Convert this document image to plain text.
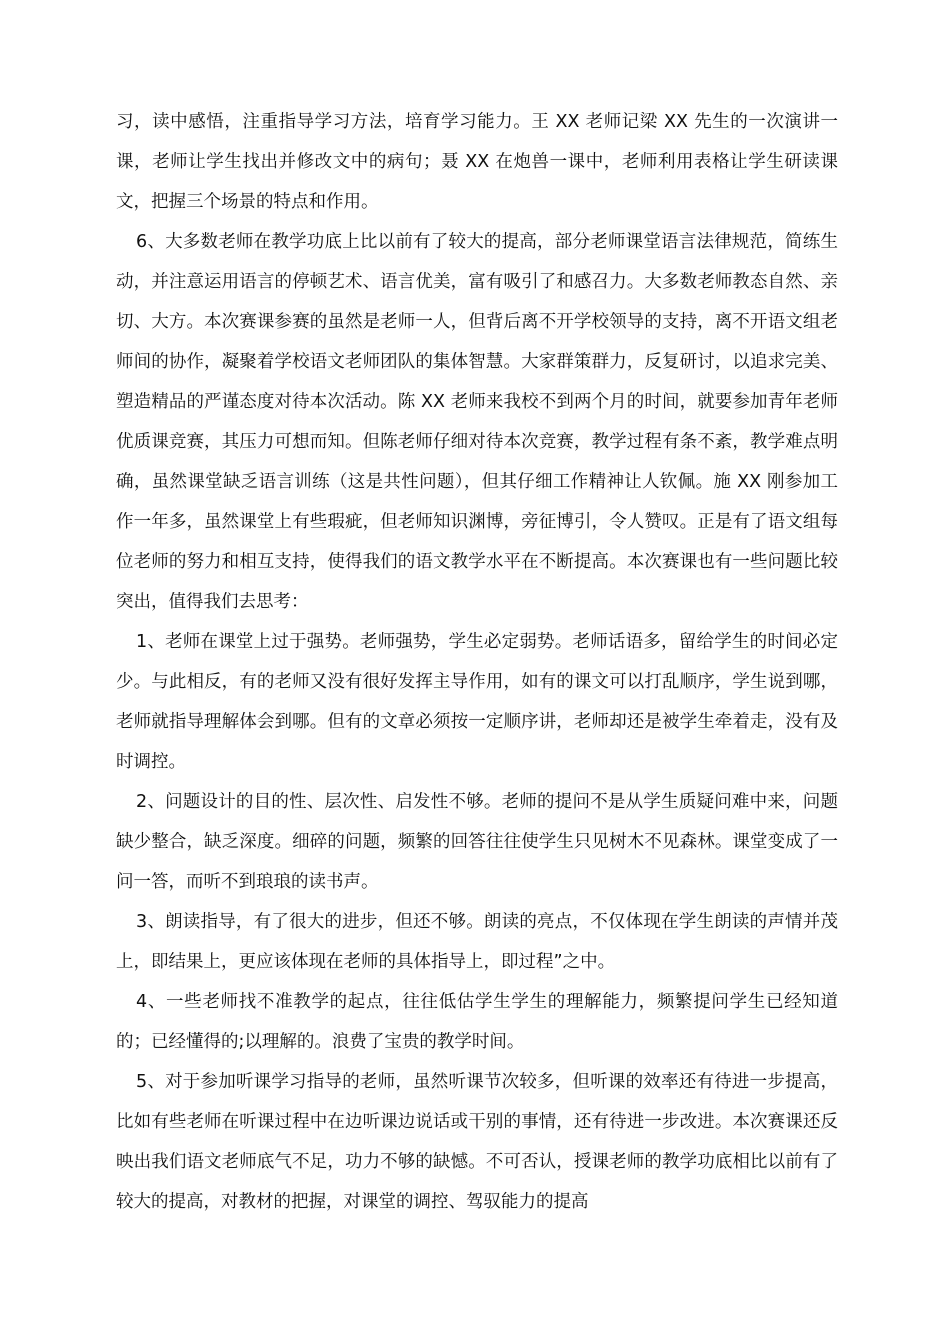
习，读中感悟，注重指导学习方法，培育学习能力。王 XX 老师记梁 XX 先生的一次演讲一课，老师让学生找出并修改文中的病句；聂 XX 在炮兽一课中，老师利用表格让学生研读课文，把握三个场景的特点和作用。

6、大多数老师在教学功底上比以前有了较大的提高，部分老师课堂语言法律规范，简练生动，并注意运用语言的停顿艺术、语言优美，富有吸引了和感召力。大多数老师教态自然、亲切、大方。本次赛课参赛的虽然是老师一人，但背后离不开学校领导的支持，离不开语文组老师间的协作，凝聚着学校语文老师团队的集体智慧。大家群策群力，反复研讨，以追求完美、塑造精品的严谨态度对待本次活动。陈 XX 老师来我校不到两个月的时间，就要参加青年老师优质课竞赛，其压力可想而知。但陈老师仔细对待本次竞赛，教学过程有条不紊，教学难点明确，虽然课堂缺乏语言训练（这是共性问题），但其仔细工作精神让人钦佩。施 XX 刚参加工作一年多，虽然课堂上有些瑕疵，但老师知识渊博，旁征博引，令人赞叹。正是有了语文组每位老师的努力和相互支持，使得我们的语文教学水平在不断提高。本次赛课也有一些问题比较突出，值得我们去思考：

1、老师在课堂上过于强势。老师强势，学生必定弱势。老师话语多，留给学生的时间必定少。与此相反，有的老师又没有很好发挥主导作用，如有的课文可以打乱顺序，学生说到哪，老师就指导理解体会到哪。但有的文章必须按一定顺序讲，老师却还是被学生牵着走，没有及时调控。

2、问题设计的目的性、层次性、启发性不够。老师的提问不是从学生质疑问难中来，问题缺少整合，缺乏深度。细碎的问题，频繁的回答往往使学生只见树木不见森林。课堂变成了一问一答，而听不到琅琅的读书声。

3、朗读指导，有了很大的进步，但还不够。朗读的亮点，不仅体现在学生朗读的声情并茂上，即结果上，更应该体现在老师的具体指导上，即过程”之中。

4、一些老师找不准教学的起点，往往低估学生学生的理解能力，频繁提问学生已经知道的；已经懂得的;以理解的。浪费了宝贵的教学时间。

5、对于参加听课学习指导的老师，虽然听课节次较多，但听课的效率还有待进一步提高，比如有些老师在听课过程中在边听课边说话或干别的事情，还有待进一步改进。本次赛课还反映出我们语文老师底气不足，功力不够的缺憾。不可否认，授课老师的教学功底相比以前有了较大的提高，对教材的把握，对课堂的调控、驾驭能力的提高
